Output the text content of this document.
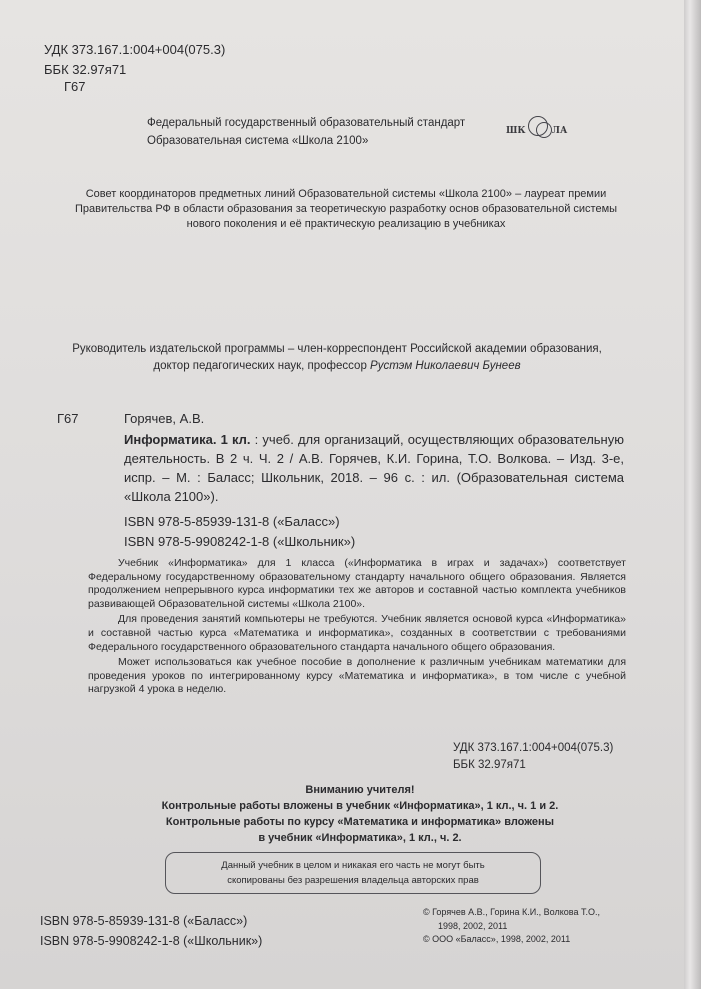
УДК 373.167.1:004+004(075.3)
ББК 32.97я71
Г67
Федеральный государственный образовательный стандарт
Образовательная система «Школа 2100»
ШК	ЛА
Совет координаторов предметных линий Образовательной системы «Школа 2100» – лауреат премии Правительства РФ в области образования за теоретическую разработку основ образовательной системы нового поколения и её практическую реализацию в учебниках
Руководитель издательской программы – член-корреспондент Российской академии образования,
доктор педагогических наук, профессор Рустэм Николаевич Бунеев
Г67	Горячев, А.В.
Информатика. 1 кл. : учеб. для организаций, осуществляющих образовательную деятельность. В 2 ч. Ч. 2 / А.В. Горячев, К.И. Горина, Т.О. Волкова. – Изд. 3-е, испр. – М. : Баласс; Школьник, 2018. – 96 с. : ил. (Образовательная система «Школа 2100»).
ISBN 978-5-85939-131-8 («Баласс»)
ISBN 978-5-9908242-1-8 («Школьник»)

Учебник «Информатика» для 1 класса («Информатика в играх и задачах») соответствует Федеральному государственному образовательному стандарту начального общего образования. Является продолжением непрерывного курса информатики тех же авторов и составной частью комплекта учебников развивающей Образовательной системы «Школа 2100».

Для проведения занятий компьютеры не требуются. Учебник является основой курса «Информатика» и составной частью курса «Математика и информатика», созданных в соответствии с требованиями Федерального государственного образовательного стандарта начального общего образования.

Может использоваться как учебное пособие в дополнение к различным учебникам математики для проведения уроков по интегрированному курсу «Математика и информатика», в том числе с учебной нагрузкой 4 урока в неделю.

УДК 373.167.1:004+004(075.3)
ББК 32.97я71
Вниманию учителя!
Контрольные работы вложены в учебник «Информатика», 1 кл., ч. 1 и 2.
Контрольные работы по курсу «Математика и информатика» вложены
в учебник «Информатика», 1 кл., ч. 2.
Данный учебник в целом и никакая его часть не могут быть
скопированы без разрешения владельца авторских прав
ISBN 978-5-85939-131-8 («Баласс»)
ISBN 978-5-9908242-1-8 («Школьник»)
© Горячев А.В., Горина К.И., Волкова Т.О.,
1998, 2002, 2011
© ООО «Баласс», 1998, 2002, 2011
